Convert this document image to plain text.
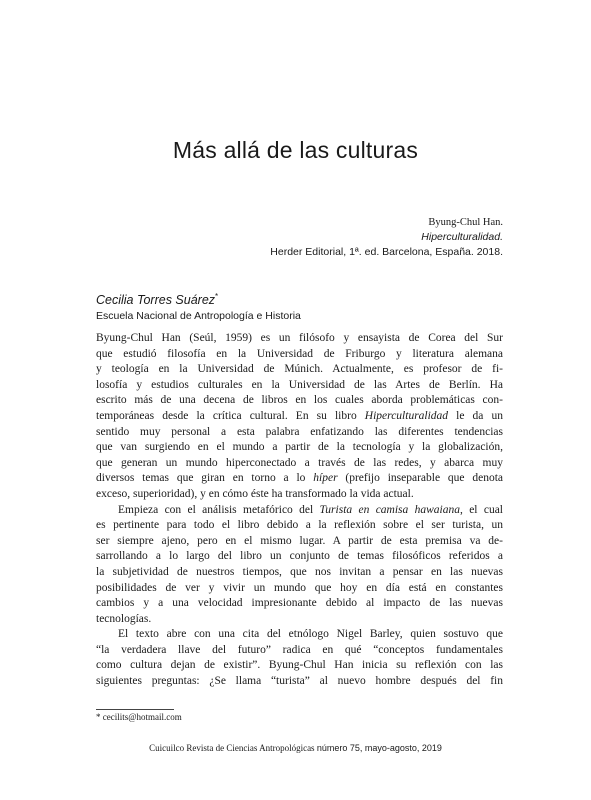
Más allá de las culturas
Byung-Chul Han.
Hiperculturalidad.
Herder Editorial, 1ª. ed. Barcelona, España. 2018.
Cecilia Torres Suárez*
Escuela Nacional de Antropología e Historia
Byung-Chul Han (Seúl, 1959) es un filósofo y ensayista de Corea del Sur
que estudió filosofía en la Universidad de Friburgo y literatura alemana
y teología en la Universidad de Múnich. Actualmente, es profesor de fi-
losofía y estudios culturales en la Universidad de las Artes de Berlín. Ha
escrito más de una decena de libros en los cuales aborda problemáticas con-
temporáneas desde la crítica cultural. En su libro Hiperculturalidad le da un
sentido muy personal a esta palabra enfatizando las diferentes tendencias
que van surgiendo en el mundo a partir de la tecnología y la globalización,
que generan un mundo hiperconectado a través de las redes, y abarca muy
diversos temas que giran en torno a lo híper (prefijo inseparable que denota
exceso, superioridad), y en cómo éste ha transformado la vida actual.
Empieza con el análisis metafórico del Turista en camisa hawaiana, el cual
es pertinente para todo el libro debido a la reflexión sobre el ser turista, un
ser siempre ajeno, pero en el mismo lugar. A partir de esta premisa va de-
sarrollando a lo largo del libro un conjunto de temas filosóficos referidos a
la subjetividad de nuestros tiempos, que nos invitan a pensar en las nuevas
posibilidades de ver y vivir un mundo que hoy en día está en constantes
cambios y a una velocidad impresionante debido al impacto de las nuevas
tecnologías.
El texto abre con una cita del etnólogo Nigel Barley, quien sostuvo que
“la verdadera llave del futuro” radica en qué “conceptos fundamentales
como cultura dejan de existir”. Byung-Chul Han inicia su reflexión con las
siguientes preguntas: ¿Se llama “turista” al nuevo hombre después del fin
* cecilits@hotmail.com
Cuicuilco Revista de Ciencias Antropológicas número 75, mayo-agosto, 2019
